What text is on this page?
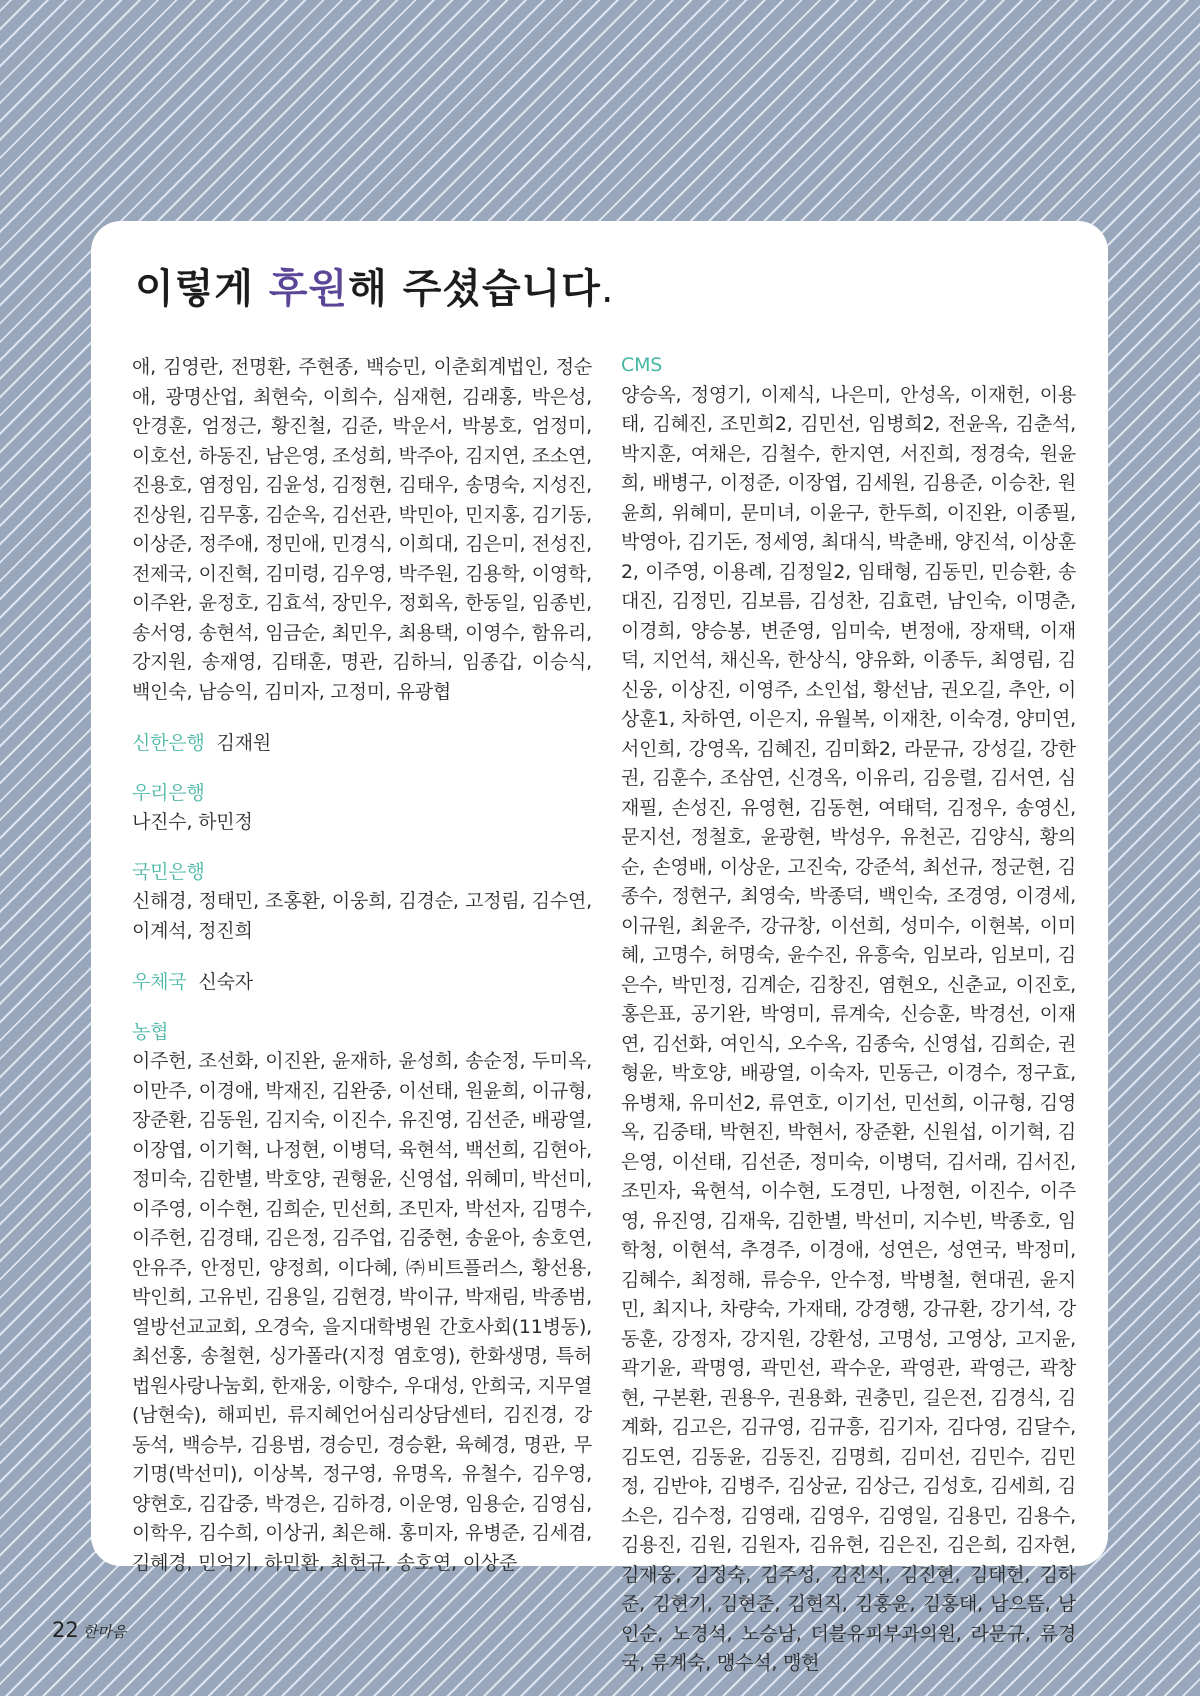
이렇게 후원해 주셨습니다.

애, 김영란, 전명환, 주현종, 백승민, 이춘회계법인, 정순애, 광명산업, 최현숙, 이희수, 심재현, 김래홍, 박은성, 안경훈, 엄정근, 황진철, 김준, 박운서, 박봉호, 엄정미, 이호선, 하동진, 남은영, 조성희, 박주아, 김지연, 조소연, 진용호, 염정임, 김윤성, 김정현, 김태우, 송명숙, 지성진, 진상원, 김무홍, 김순옥, 김선관, 박민아, 민지홍, 김기동, 이상준, 정주애, 정민애, 민경식, 이희대, 김은미, 전성진, 전제국, 이진혁, 김미령, 김우영, 박주원, 김용학, 이영학, 이주완, 윤정호, 김효석, 장민우, 정회옥, 한동일, 임종빈, 송서영, 송현석, 임금순, 최민우, 최용택, 이영수, 함유리, 강지원, 송재영, 김태훈, 명관, 김하늬, 임종갑, 이승식, 백인숙, 남승익, 김미자, 고정미, 유광협

신한은행 김재원
우리은행

나진수, 하민정

국민은행

신해경, 정태민, 조홍환, 이웅희, 김경순, 고정림, 김수연, 이계석, 정진희

우체국 신숙자
농협

이주헌, 조선화, 이진완, 윤재하, 윤성희, 송순정, 두미옥, 이만주, 이경애, 박재진, 김완중, 이선태, 원윤희, 이규형, 장준환, 김동원, 김지숙, 이진수, 유진영, 김선준, 배광열, 이장엽, 이기혁, 나정현, 이병덕, 육현석, 백선희, 김현아, 정미숙, 김한별, 박호양, 권형윤, 신영섭, 위혜미, 박선미, 이주영, 이수현, 김희순, 민선희, 조민자, 박선자, 김명수, 이주헌, 김경태, 김은정, 김주업, 김중현, 송윤아, 송호연, 안유주, 안정민, 양정희, 이다혜, ㈜비트플러스, 황선용, 박인희, 고유빈, 김용일, 김현경, 박이규, 박재림, 박종범, 열방선교교회, 오경숙, 을지대학병원 간호사회(11병동), 최선홍, 송철현, 싱가폴라(지정 염호영), 한화생명, 특허법원사랑나눔회, 한재웅, 이향수, 우대성, 안희국, 지무열(남현숙), 해피빈, 류지혜언어심리상담센터, 김진경, 강동석, 백승부, 김용범, 경승민, 경승환, 육혜경, 명관, 무기명(박선미), 이상복, 정구영, 유명옥, 유철수, 김우영, 양현호, 김갑중, 박경은, 김하경, 이운영, 임용순, 김영심, 이학우, 김수희, 이상귀, 최은해. 홍미자, 유병준, 김세겸, 김혜경, 민억기, 하민환, 최헌규, 송호연, 이상준

CMS

양승옥, 정영기, 이제식, 나은미, 안성옥, 이재헌, 이용태, 김혜진, 조민희2, 김민선, 임병희2, 전윤옥, 김춘석, 박지훈, 여채은, 김철수, 한지연, 서진희, 정경숙, 원윤희, 배병구, 이정준, 이장엽, 김세원, 김용준, 이승찬, 원윤희, 위혜미, 문미녀, 이윤구, 한두희, 이진완, 이종필, 박영아, 김기돈, 정세영, 최대식, 박춘배, 양진석, 이상훈2, 이주영, 이용례, 김정일2, 임태형, 김동민, 민승환, 송대진, 김정민, 김보름, 김성찬, 김효련, 남인숙, 이명춘, 이경희, 양승봉, 변준영, 임미숙, 변정애, 장재택, 이재덕, 지언석, 채신옥, 한상식, 양유화, 이종두, 최영림, 김신웅, 이상진, 이영주, 소인섭, 황선남, 권오길, 추안, 이상훈1, 차하연, 이은지, 유월복, 이재찬, 이숙경, 양미연, 서인희, 강영옥, 김혜진, 김미화2, 라문규, 강성길, 강한권, 김훈수, 조삼연, 신경옥, 이유리, 김응렬, 김서연, 심재필, 손성진, 유영현, 김동현, 여태덕, 김정우, 송영신, 문지선, 정철호, 윤광현, 박성우, 유천곤, 김양식, 황의순, 손영배, 이상운, 고진숙, 강준석, 최선규, 정군현, 김종수, 정현구, 최영숙, 박종덕, 백인숙, 조경영, 이경세, 이규원, 최윤주, 강규창, 이선희, 성미수, 이현복, 이미혜, 고명수, 허명숙, 윤수진, 유흥숙, 임보라, 임보미, 김은수, 박민정, 김계순, 김창진, 염현오, 신춘교, 이진호, 홍은표, 공기완, 박영미, 류계숙, 신승훈, 박경선, 이재연, 김선화, 여인식, 오수옥, 김종숙, 신영섭, 김희순, 권형윤, 박호양, 배광열, 이숙자, 민동근, 이경수, 정구효, 유병채, 유미선2, 류연호, 이기선, 민선희, 이규형, 김영옥, 김중태, 박현진, 박현서, 장준환, 신원섭, 이기혁, 김은영, 이선태, 김선준, 정미숙, 이병덕, 김서래, 김서진, 조민자, 육현석, 이수현, 도경민, 나정현, 이진수, 이주영, 유진영, 김재욱, 김한별, 박선미, 지수빈, 박종호, 임학청, 이현석, 추경주, 이경애, 성연은, 성연국, 박정미, 김혜수, 최정해, 류승우, 안수정, 박병철, 현대권, 윤지민, 최지나, 차량숙, 가재태, 강경행, 강규환, 강기석, 강동훈, 강정자, 강지원, 강환성, 고명성, 고영상, 고지윤, 곽기윤, 곽명영, 곽민선, 곽수운, 곽영관, 곽영근, 곽창현, 구본환, 권용우, 권용화, 권충민, 길은전, 김경식, 김계화, 김고은, 김규영, 김규흥, 김기자, 김다영, 김달수, 김도연, 김동윤, 김동진, 김명희, 김미선, 김민수, 김민정, 김반야, 김병주, 김상균, 김상근, 김성호, 김세희, 김소은, 김수정, 김영래, 김영우, 김영일, 김용민, 김용수, 김용진, 김원, 김원자, 김유현, 김은진, 김은희, 김자현, 김재웅, 김정숙, 김주성, 김진식, 김진현, 김태헌, 김하준, 김현기, 김현준, 김현직, 김홍윤, 김홍태, 남으뜸, 남인순, 노경석, 노승남, 더블유피부과의원, 라문규, 류경국, 류계숙, 맹수석, 맹현

22 한마음
